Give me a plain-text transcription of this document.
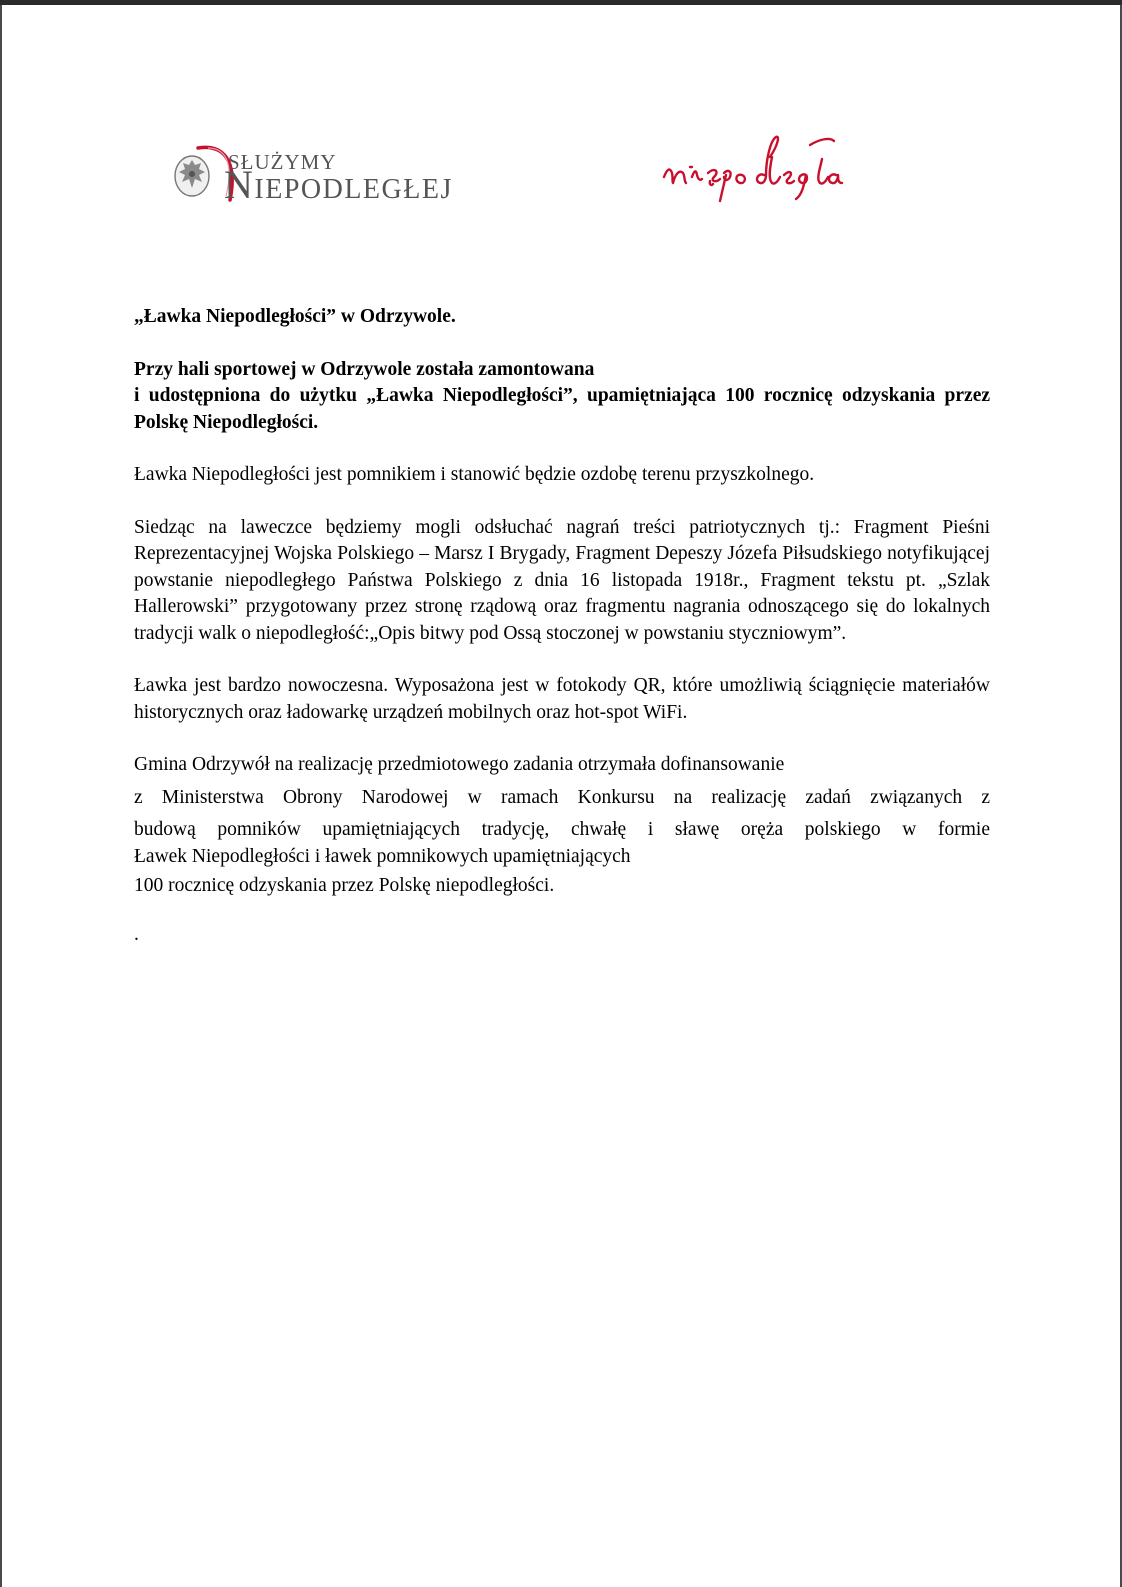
SŁUŻYMY
NIEPODLEGŁEJ

„Ławka Niepodległości” w Odrzywole.

Przy hali sportowej w Odrzywole została zamontowana
i udostępniona do użytku „Ławka Niepodległości”, upamiętniająca 100 rocznicę odzyskania przez Polskę Niepodległości.

Ławka Niepodległości jest pomnikiem i stanowić będzie ozdobę terenu przyszkolnego.

Siedząc na laweczce będziemy mogli odsłuchać nagrań treści patriotycznych tj.: Fragment Pieśni Reprezentacyjnej Wojska Polskiego – Marsz I Brygady, Fragment Depeszy Józefa Piłsudskiego notyfikującej powstanie niepodległego Państwa Polskiego z dnia 16 listopada 1918r., Fragment tekstu pt. „Szlak Hallerowski” przygotowany przez stronę rządową oraz fragmentu nagrania odnoszącego się do lokalnych tradycji walk o niepodległość:„Opis bitwy pod Ossą stoczonej w powstaniu styczniowym”.

Ławka jest bardzo nowoczesna. Wyposażona jest w fotokody QR, które umożliwią ściągnięcie materiałów historycznych oraz ładowarkę urządzeń mobilnych oraz hot-spot WiFi.

Gmina Odrzywół na realizację przedmiotowego zadania otrzymała dofinansowanie
z Ministerstwa Obrony Narodowej w ramach Konkursu na realizację zadań związanych z
budową pomników upamiętniających tradycję, chwałę i sławę oręża polskiego w formie
Ławek Niepodległości i ławek pomnikowych upamiętniających
100 rocznicę odzyskania przez Polskę niepodległości.

.
